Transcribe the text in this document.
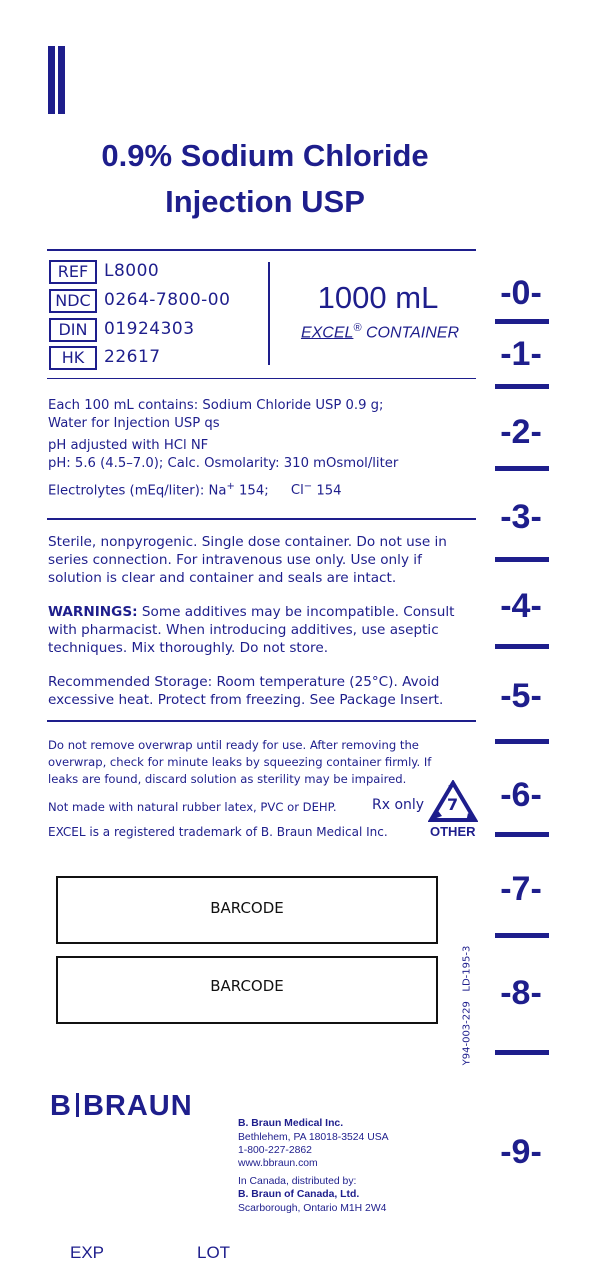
0.9% Sodium Chloride
Injection USP
REF L8000
NDC 0264-7800-00
DIN 01924303
HK	22617
1000 mL
EXCEL® CONTAINER
Each 100 mL contains: Sodium Chloride USP 0.9 g;
Water for Injection USP qs
pH adjusted with HCl NF
pH: 5.6 (4.5–7.0); Calc. Osmolarity: 310 mOsmol/liter
Electrolytes (mEq/liter): Na+ 154; Cl− 154
Sterile, nonpyrogenic. Single dose container. Do not use in
series connection. For intravenous use only. Use only if
solution is clear and container and seals are intact.
WARNINGS: Some additives may be incompatible. Consult
with pharmacist. When introducing additives, use aseptic
techniques. Mix thoroughly. Do not store.
Recommended Storage: Room temperature (25°C). Avoid
excessive heat. Protect from freezing. See Package Insert.
Do not remove overwrap until ready for use. After removing the
overwrap, check for minute leaks by squeezing container firmly. If
leaks are found, discard solution as sterility may be impaired.
Not made with natural rubber latex, PVC or DEHP.	Rx only 7
OTHER
EXCEL is a registered trademark of B. Braun Medical Inc.
BARCODE
BARCODE	Y94-003-229   LD-195-3
-0-
-1-
-2-
-3-
-4-
-5-
-6-
-7-
-8-
-9-
B BRAUN
B. Braun Medical Inc.
Bethlehem, PA 18018-3524 USA
1-800-227-2862
www.bbraun.com
In Canada, distributed by:
B. Braun of Canada, Ltd.
Scarborough, Ontario M1H 2W4
EXP	LOT
